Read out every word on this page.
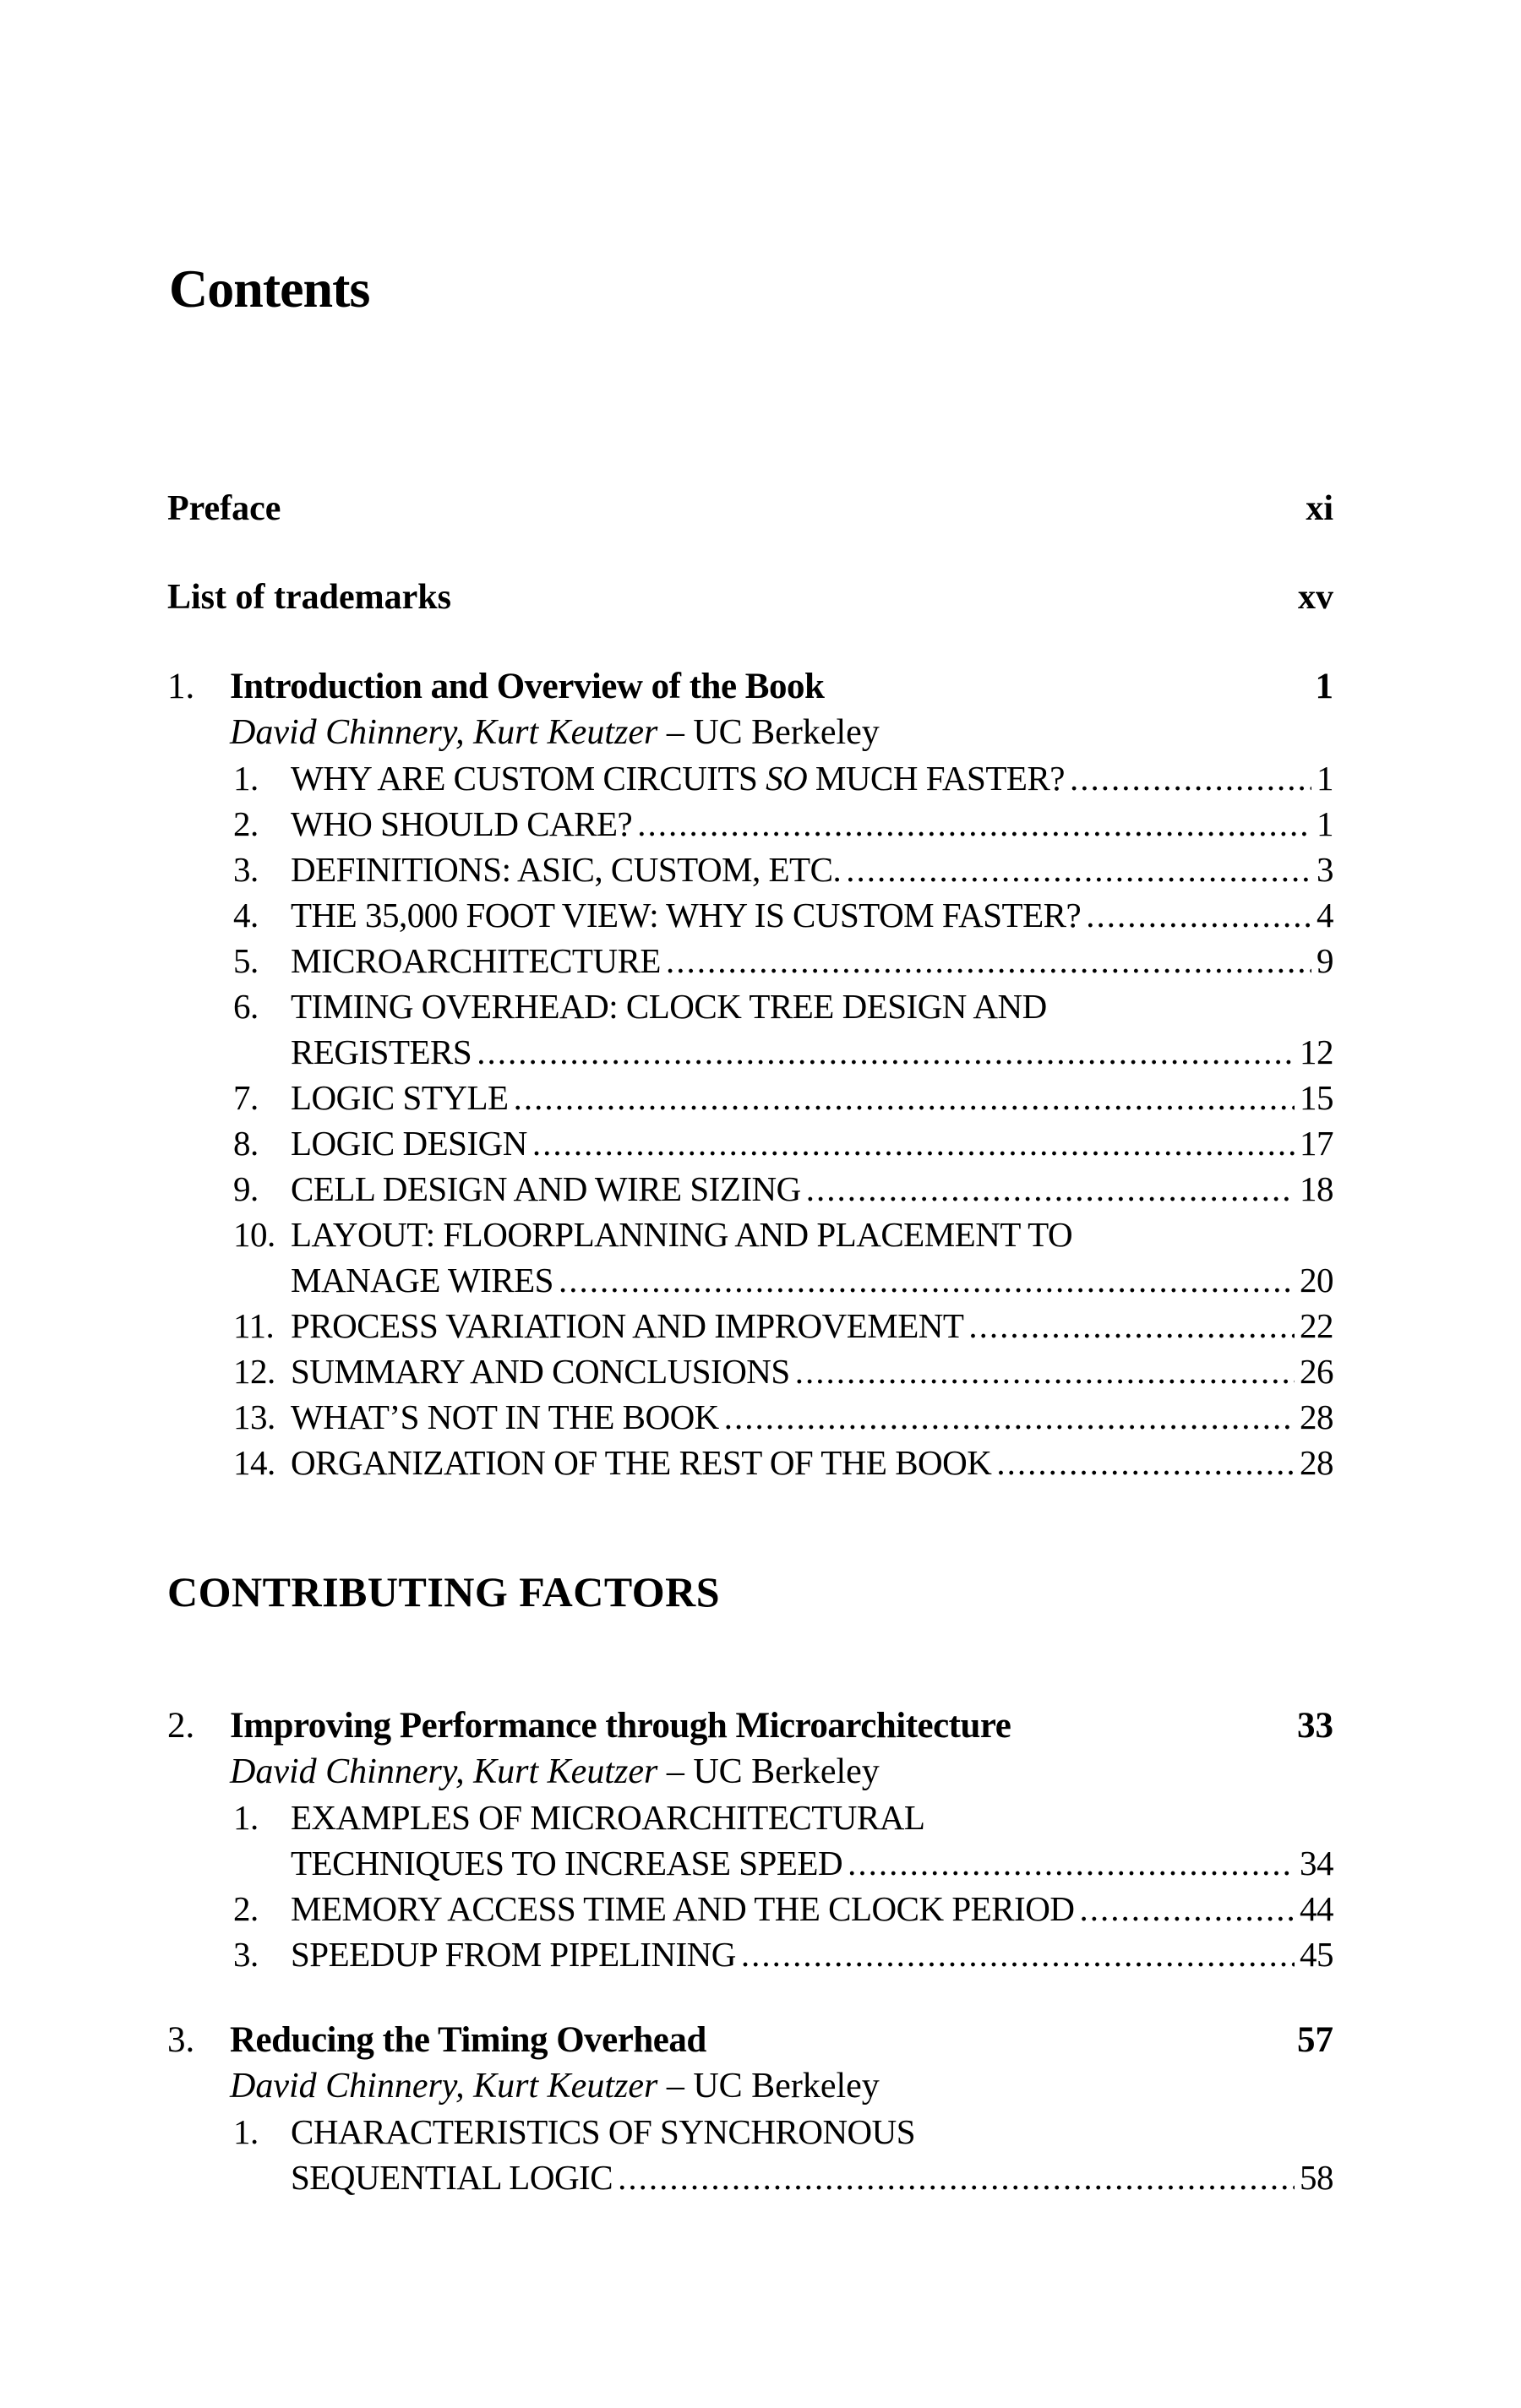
Contents
Preface	xi
List of trademarks	xv
1. Introduction and Overview of the Book	1
David Chinnery, Kurt Keutzer – UC Berkeley
1. WHY ARE CUSTOM CIRCUITS SO MUCH FASTER? .....	1
2. WHO SHOULD CARE? .....	1
3. DEFINITIONS: ASIC, CUSTOM, ETC. .....	3
4. THE 35,000 FOOT VIEW: WHY IS CUSTOM FASTER? .....	4
5. MICROARCHITECTURE .....	9
6. TIMING OVERHEAD: CLOCK TREE DESIGN AND
REGISTERS .....	12
7. LOGIC STYLE .....	15
8. LOGIC DESIGN .....	17
9. CELL DESIGN AND WIRE SIZING .....	18
10. LAYOUT: FLOORPLANNING AND PLACEMENT TO
MANAGE WIRES .....	20
11. PROCESS VARIATION AND IMPROVEMENT .....	22
12. SUMMARY AND CONCLUSIONS .....	26
13. WHAT’S NOT IN THE BOOK .....	28
14. ORGANIZATION OF THE REST OF THE BOOK .....	28
CONTRIBUTING FACTORS
2. Improving Performance through Microarchitecture	33
David Chinnery, Kurt Keutzer – UC Berkeley
1. EXAMPLES OF MICROARCHITECTURAL
TECHNIQUES TO INCREASE SPEED .....	34
2. MEMORY ACCESS TIME AND THE CLOCK PERIOD .....	44
3. SPEEDUP FROM PIPELINING .....	45
3. Reducing the Timing Overhead	57
David Chinnery, Kurt Keutzer – UC Berkeley
1. CHARACTERISTICS OF SYNCHRONOUS
SEQUENTIAL LOGIC .....	58
